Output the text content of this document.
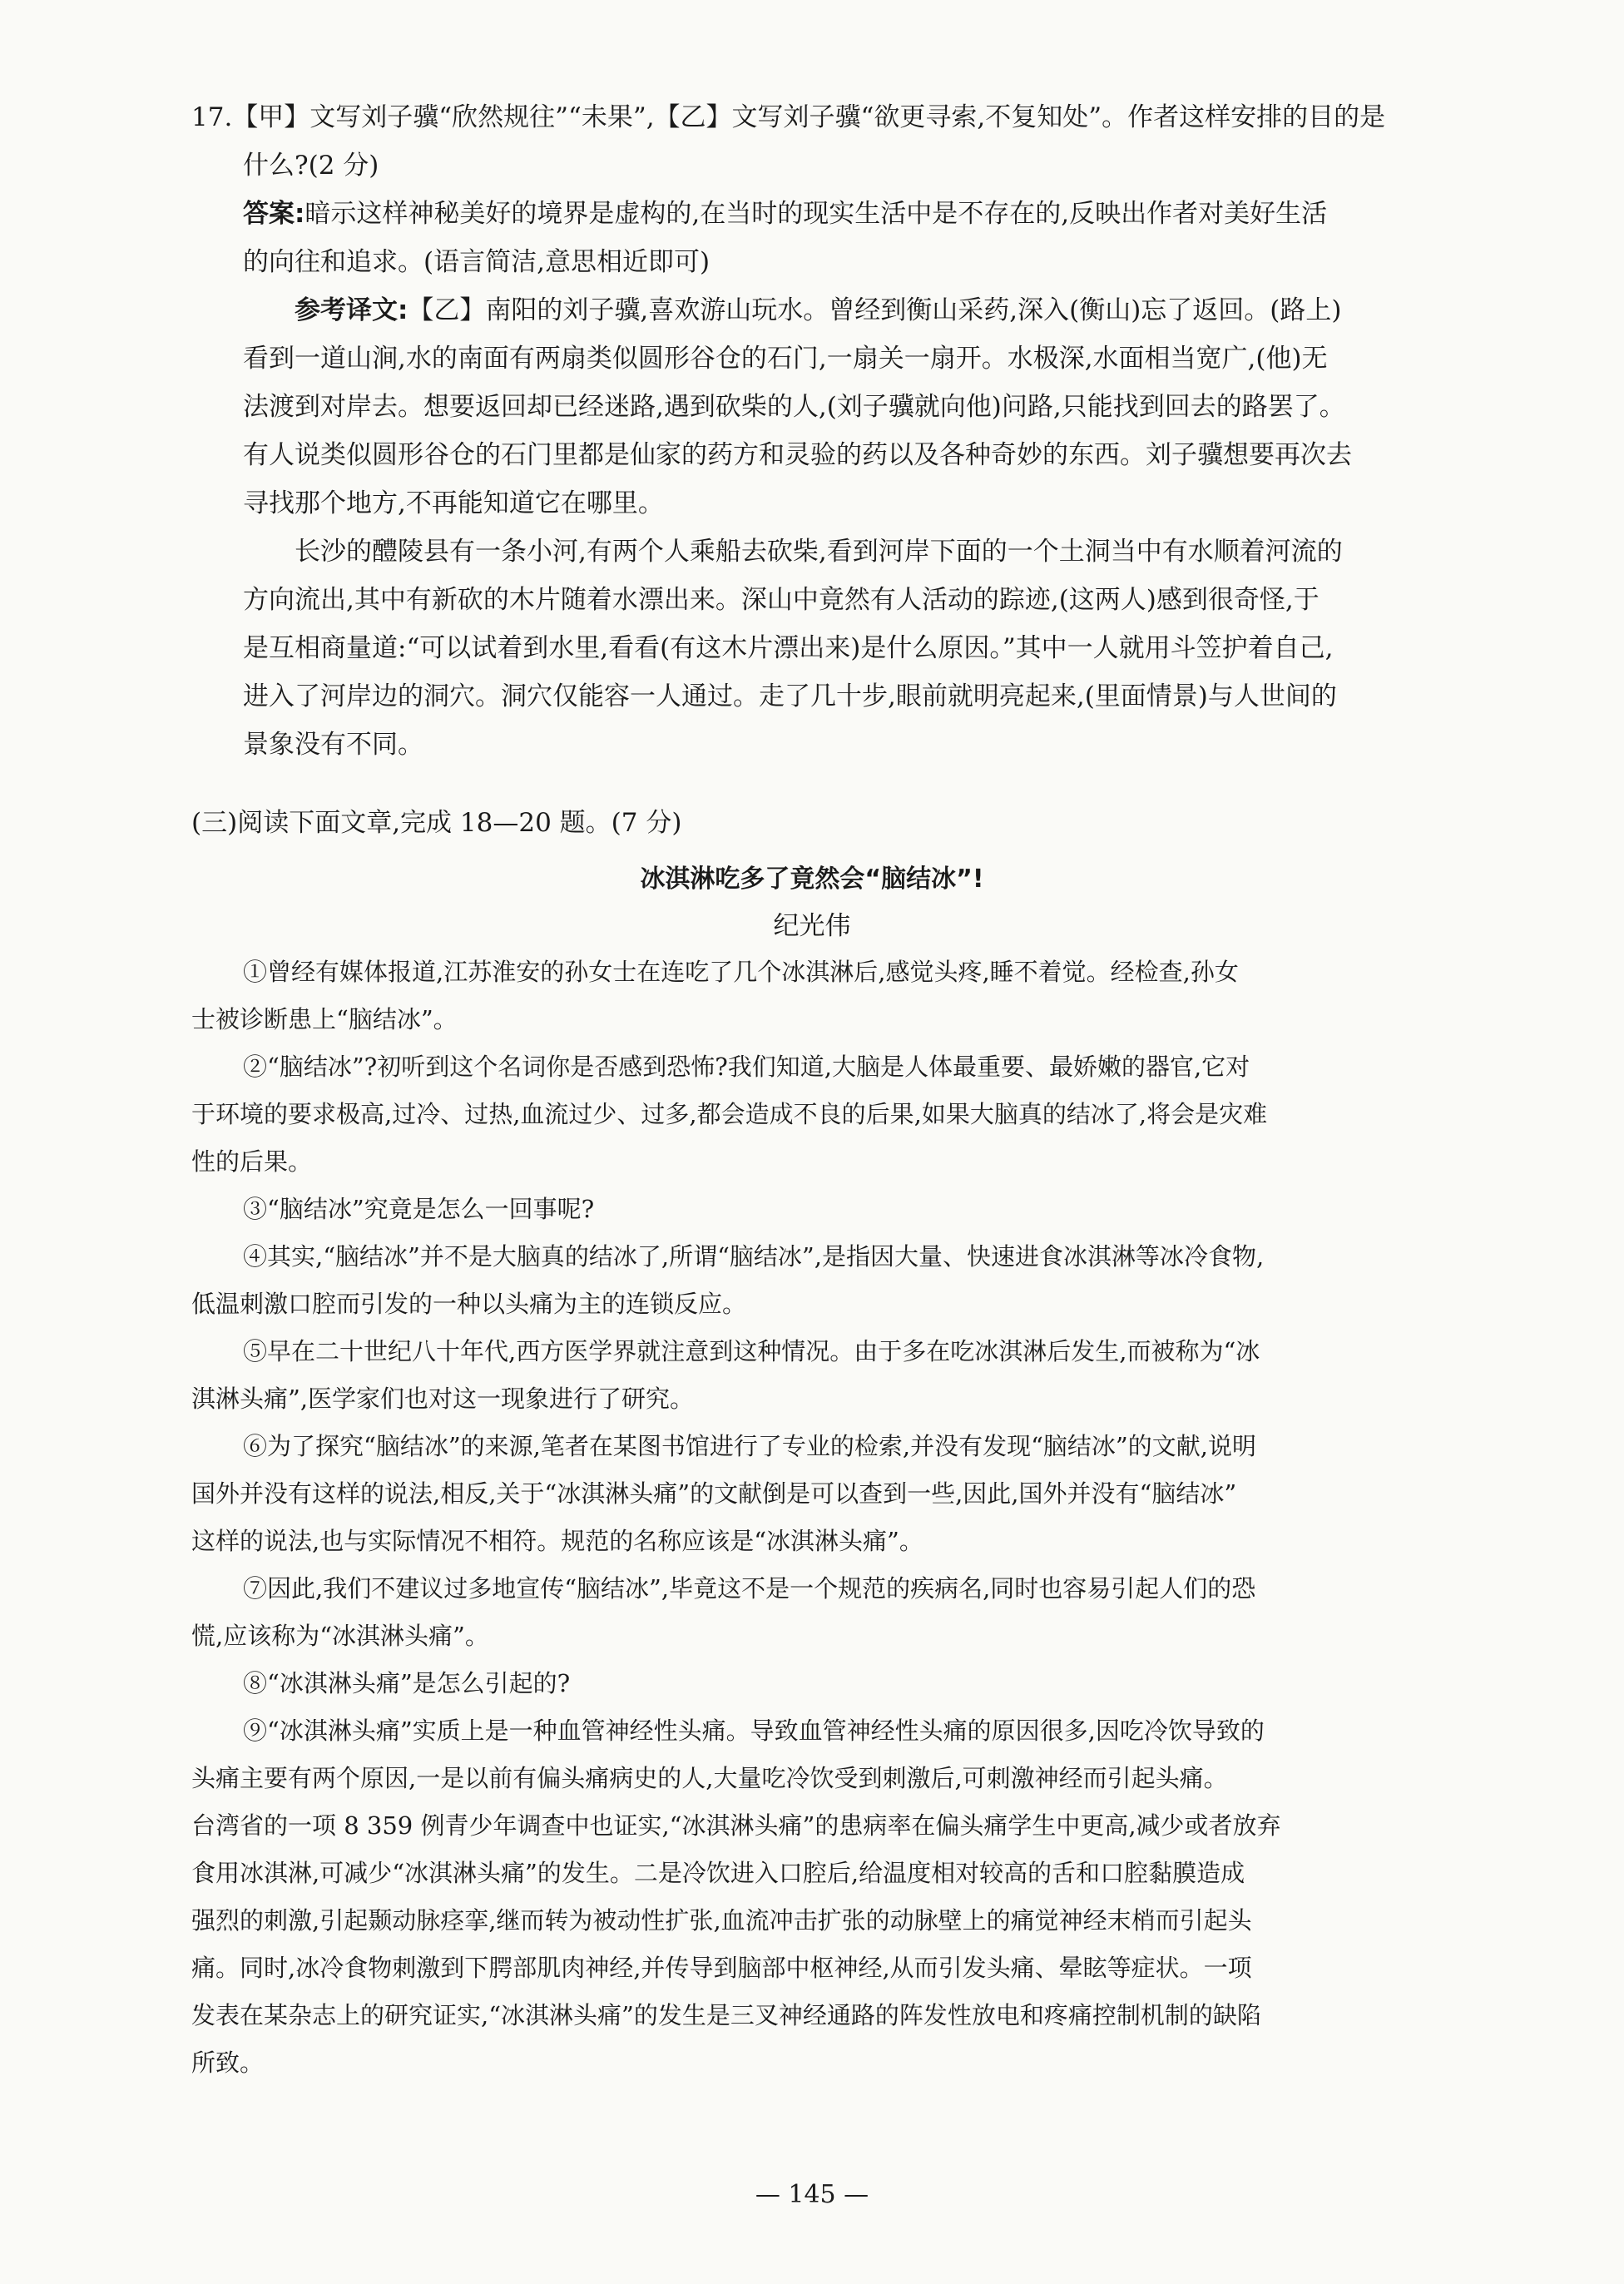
17.【甲】文写刘子骥“欣然规往”“未果”,【乙】文写刘子骥“欲更寻索,不复知处”。作者这样安排的目的是
什么?(2 分)
答案:暗示这样神秘美好的境界是虚构的,在当时的现实生活中是不存在的,反映出作者对美好生活
的向往和追求。(语言简洁,意思相近即可)
参考译文:【乙】南阳的刘子骥,喜欢游山玩水。曾经到衡山采药,深入(衡山)忘了返回。(路上)
看到一道山涧,水的南面有两扇类似圆形谷仓的石门,一扇关一扇开。水极深,水面相当宽广,(他)无
法渡到对岸去。想要返回却已经迷路,遇到砍柴的人,(刘子骥就向他)问路,只能找到回去的路罢了。
有人说类似圆形谷仓的石门里都是仙家的药方和灵验的药以及各种奇妙的东西。刘子骥想要再次去
寻找那个地方,不再能知道它在哪里。
长沙的醴陵县有一条小河,有两个人乘船去砍柴,看到河岸下面的一个土洞当中有水顺着河流的
方向流出,其中有新砍的木片随着水漂出来。深山中竟然有人活动的踪迹,(这两人)感到很奇怪,于
是互相商量道:“可以试着到水里,看看(有这木片漂出来)是什么原因。”其中一人就用斗笠护着自己,
进入了河岸边的洞穴。洞穴仅能容一人通过。走了几十步,眼前就明亮起来,(里面情景)与人世间的
景象没有不同。
(三)阅读下面文章,完成 18—20 题。(7 分)
冰淇淋吃多了竟然会“脑结冰”!
纪光伟
①曾经有媒体报道,江苏淮安的孙女士在连吃了几个冰淇淋后,感觉头疼,睡不着觉。经检查,孙女
士被诊断患上“脑结冰”。
②“脑结冰”?初听到这个名词你是否感到恐怖?我们知道,大脑是人体最重要、最娇嫩的器官,它对
于环境的要求极高,过冷、过热,血流过少、过多,都会造成不良的后果,如果大脑真的结冰了,将会是灾难
性的后果。
③“脑结冰”究竟是怎么一回事呢?
④其实,“脑结冰”并不是大脑真的结冰了,所谓“脑结冰”,是指因大量、快速进食冰淇淋等冰冷食物,
低温刺激口腔而引发的一种以头痛为主的连锁反应。
⑤早在二十世纪八十年代,西方医学界就注意到这种情况。由于多在吃冰淇淋后发生,而被称为“冰
淇淋头痛”,医学家们也对这一现象进行了研究。
⑥为了探究“脑结冰”的来源,笔者在某图书馆进行了专业的检索,并没有发现“脑结冰”的文献,说明
国外并没有这样的说法,相反,关于“冰淇淋头痛”的文献倒是可以查到一些,因此,国外并没有“脑结冰”
这样的说法,也与实际情况不相符。规范的名称应该是“冰淇淋头痛”。
⑦因此,我们不建议过多地宣传“脑结冰”,毕竟这不是一个规范的疾病名,同时也容易引起人们的恐
慌,应该称为“冰淇淋头痛”。
⑧“冰淇淋头痛”是怎么引起的?
⑨“冰淇淋头痛”实质上是一种血管神经性头痛。导致血管神经性头痛的原因很多,因吃冷饮导致的
头痛主要有两个原因,一是以前有偏头痛病史的人,大量吃冷饮受到刺激后,可刺激神经而引起头痛。
台湾省的一项 8 359 例青少年调查中也证实,“冰淇淋头痛”的患病率在偏头痛学生中更高,减少或者放弃
食用冰淇淋,可减少“冰淇淋头痛”的发生。二是冷饮进入口腔后,给温度相对较高的舌和口腔黏膜造成
强烈的刺激,引起颞动脉痉挛,继而转为被动性扩张,血流冲击扩张的动脉壁上的痛觉神经末梢而引起头
痛。同时,冰冷食物刺激到下腭部肌肉神经,并传导到脑部中枢神经,从而引发头痛、晕眩等症状。一项
发表在某杂志上的研究证实,“冰淇淋头痛”的发生是三叉神经通路的阵发性放电和疼痛控制机制的缺陷
所致。
— 145 —
